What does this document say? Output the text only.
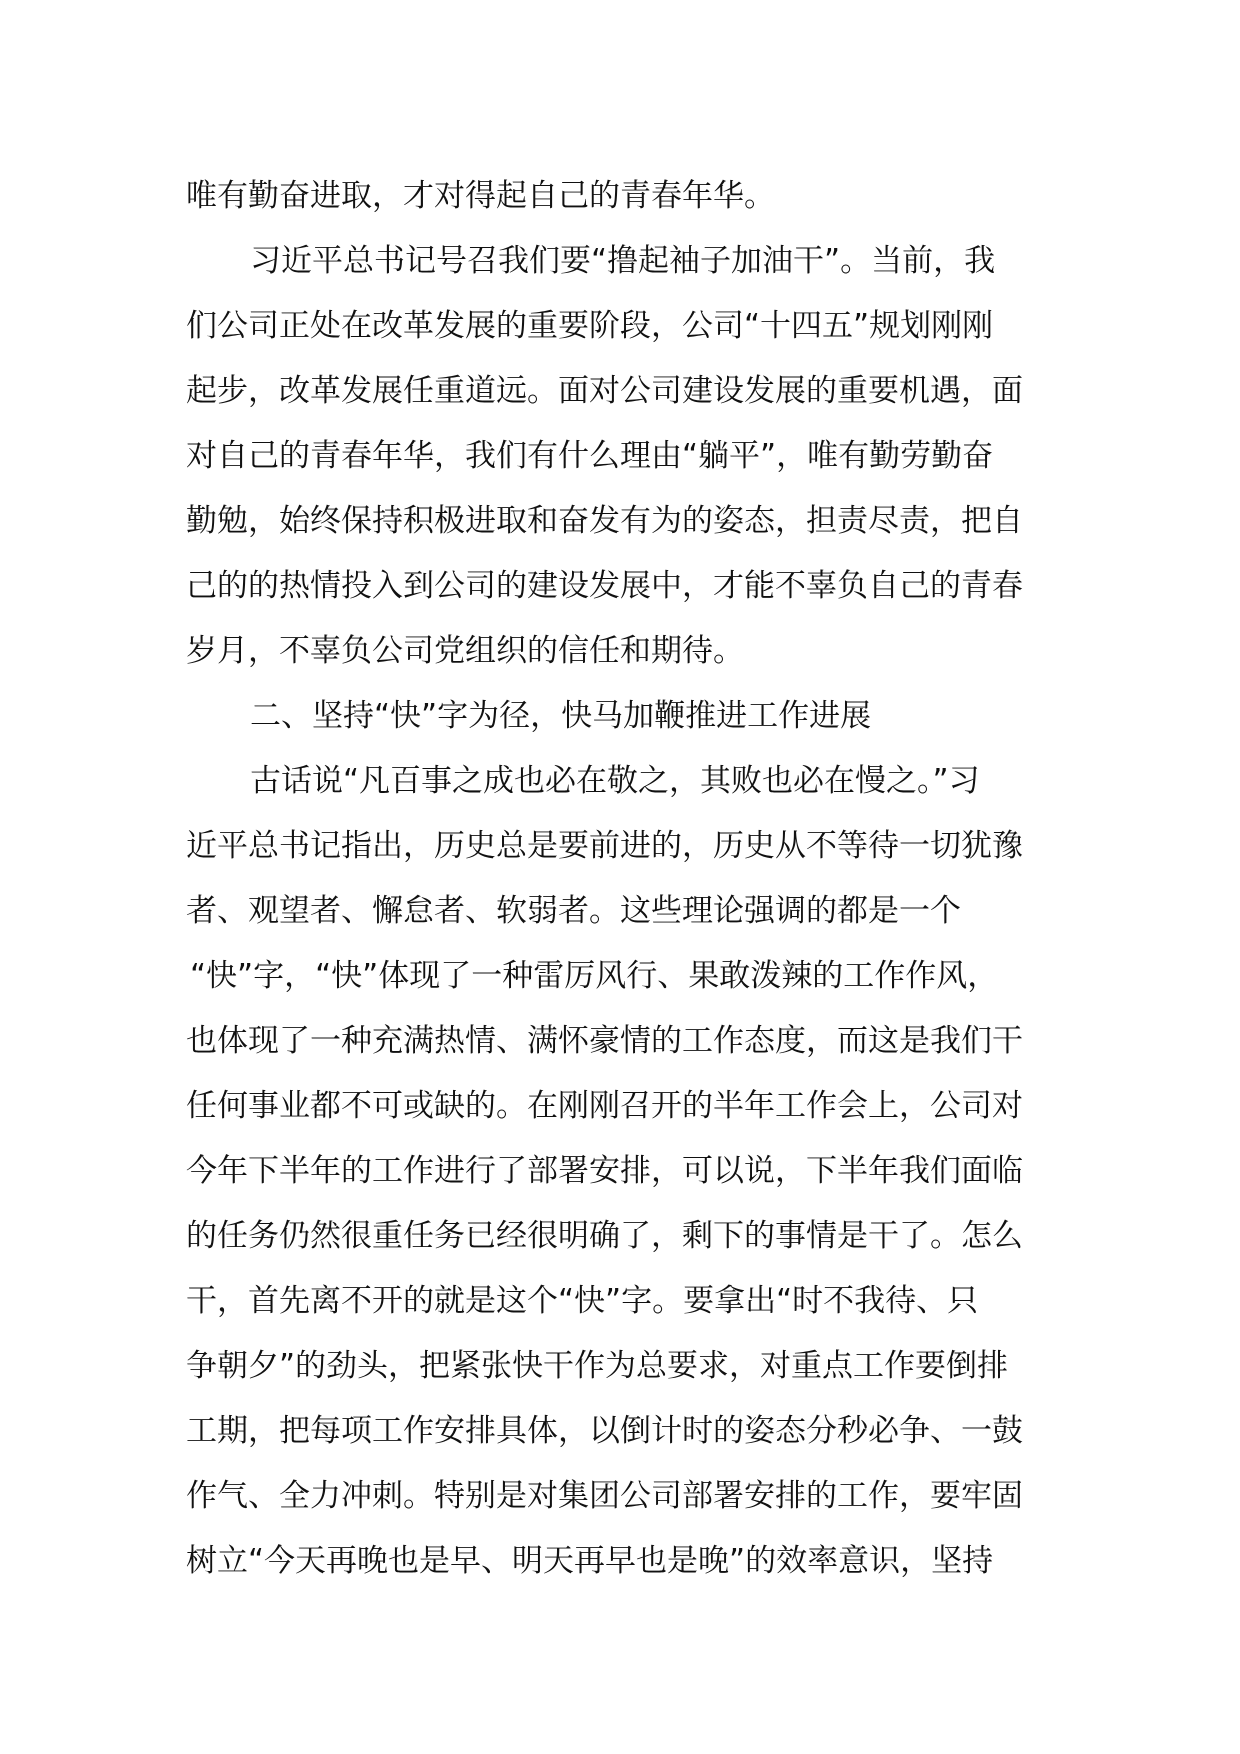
唯有勤奋进取，才对得起自己的青春年华。
习近平总书记号召我们要“撸起袖子加油干”。当前，我
们公司正处在改革发展的重要阶段，公司“十四五”规划刚刚
起步，改革发展任重道远。面对公司建设发展的重要机遇，面
对自己的青春年华，我们有什么理由“躺平”，唯有勤劳勤奋
勤勉，始终保持积极进取和奋发有为的姿态，担责尽责，把自
己的的热情投入到公司的建设发展中，才能不辜负自己的青春
岁月，不辜负公司党组织的信任和期待。
二、坚持“快”字为径，快马加鞭推进工作进展
古话说“凡百事之成也必在敬之，其败也必在慢之。”习
近平总书记指出，历史总是要前进的，历史从不等待一切犹豫
者、观望者、懈怠者、软弱者。这些理论强调的都是一个
“快”字，“快”体现了一种雷厉风行、果敢泼辣的工作作风，
也体现了一种充满热情、满怀豪情的工作态度，而这是我们干
任何事业都不可或缺的。在刚刚召开的半年工作会上，公司对
今年下半年的工作进行了部署安排，可以说，下半年我们面临
的任务仍然很重任务已经很明确了，剩下的事情是干了。怎么
干，首先离不开的就是这个“快”字。要拿出“时不我待、只
争朝夕”的劲头，把紧张快干作为总要求，对重点工作要倒排
工期，把每项工作安排具体，以倒计时的姿态分秒必争、一鼓
作气、全力冲刺。特别是对集团公司部署安排的工作，要牢固
树立“今天再晚也是早、明天再早也是晚”的效率意识，坚持
